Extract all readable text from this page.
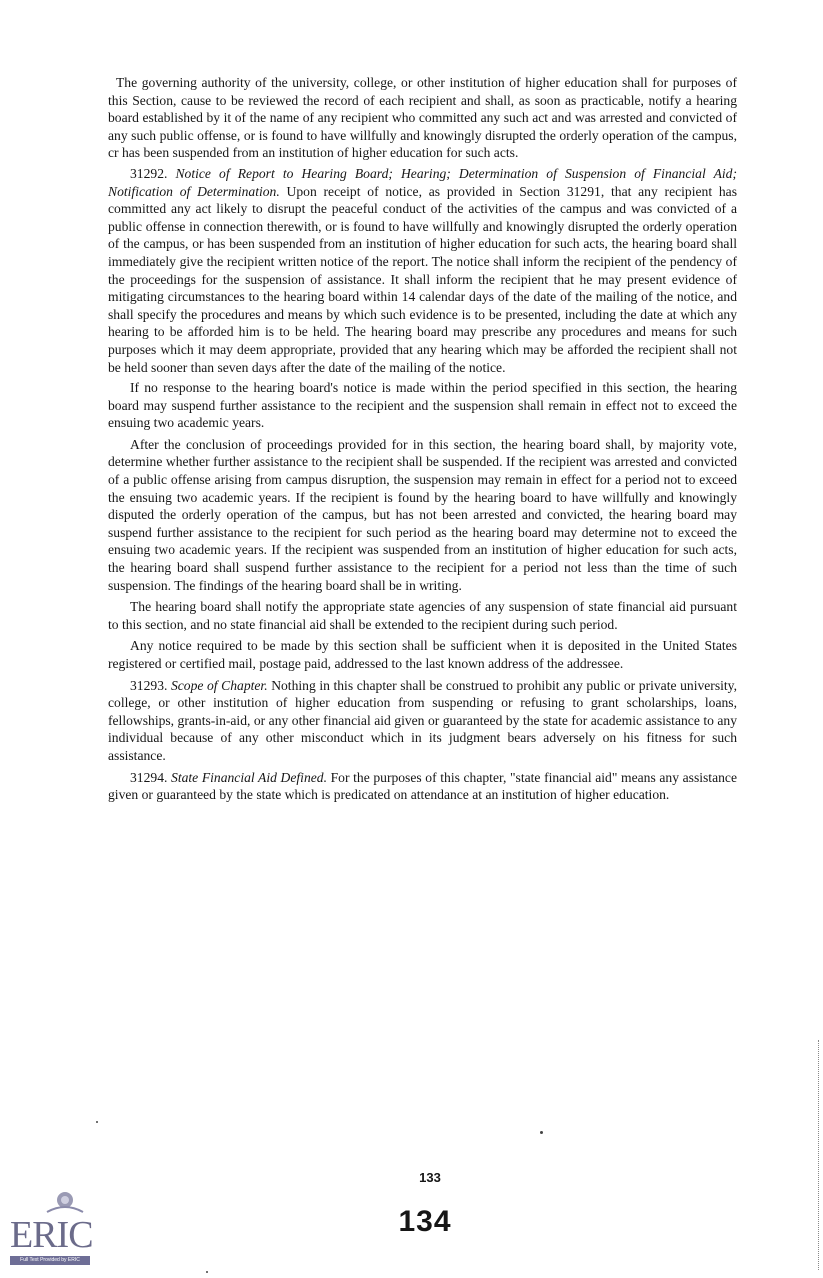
The governing authority of the university, college, or other institution of higher education shall for purposes of this Section, cause to be reviewed the record of each recipient and shall, as soon as practicable, notify a hearing board established by it of the name of any recipient who committed any such act and was arrested and convicted of any such public offense, or is found to have willfully and knowingly disrupted the orderly operation of the campus, cr has been suspended from an institution of higher education for such acts.

31292. Notice of Report to Hearing Board; Hearing; Determination of Suspension of Financial Aid; Notification of Determination. Upon receipt of notice, as provided in Section 31291, that any recipient has committed any act likely to disrupt the peaceful conduct of the activities of the campus and was convicted of a public offense in connection therewith, or is found to have willfully and knowingly disrupted the orderly operation of the campus, or has been suspended from an institution of higher education for such acts, the hearing board shall immediately give the recipient written notice of the report. The notice shall inform the recipient of the pendency of the proceedings for the suspension of assistance. It shall inform the recipient that he may present evidence of mitigating circumstances to the hearing board within 14 calendar days of the date of the mailing of the notice, and shall specify the procedures and means by which such evidence is to be presented, including the date at which any hearing to be afforded him is to be held. The hearing board may prescribe any procedures and means for such purposes which it may deem appropriate, provided that any hearing which may be afforded the recipient shall not be held sooner than seven days after the date of the mailing of the notice.

If no response to the hearing board's notice is made within the period specified in this section, the hearing board may suspend further assistance to the recipient and the suspension shall remain in effect not to exceed the ensuing two academic years.

After the conclusion of proceedings provided for in this section, the hearing board shall, by majority vote, determine whether further assistance to the recipient shall be suspended. If the recipient was arrested and convicted of a public offense arising from campus disruption, the suspension may remain in effect for a period not to exceed the ensuing two academic years. If the recipient is found by the hearing board to have willfully and knowingly disputed the orderly operation of the campus, but has not been arrested and convicted, the hearing board may suspend further assistance to the recipient for such period as the hearing board may determine not to exceed the ensuing two academic years. If the recipient was suspended from an institution of higher education for such acts, the hearing board shall suspend further assistance to the recipient for a period not less than the time of such suspension. The findings of the hearing board shall be in writing.

The hearing board shall notify the appropriate state agencies of any suspension of state financial aid pursuant to this section, and no state financial aid shall be extended to the recipient during such period.

Any notice required to be made by this section shall be sufficient when it is deposited in the United States registered or certified mail, postage paid, addressed to the last known address of the addressee.

31293. Scope of Chapter. Nothing in this chapter shall be construed to prohibit any public or private university, college, or other institution of higher education from suspending or refusing to grant scholarships, loans, fellowships, grants-in-aid, or any other financial aid given or guaranteed by the state for academic assistance to any individual because of any other misconduct which in its judgment bears adversely on his fitness for such assistance.

31294. State Financial Aid Defined. For the purposes of this chapter, "state financial aid" means any assistance given or guaranteed by the state which is predicated on attendance at an institution of higher education.

133
134
ERIC
Full Text Provided by ERIC
